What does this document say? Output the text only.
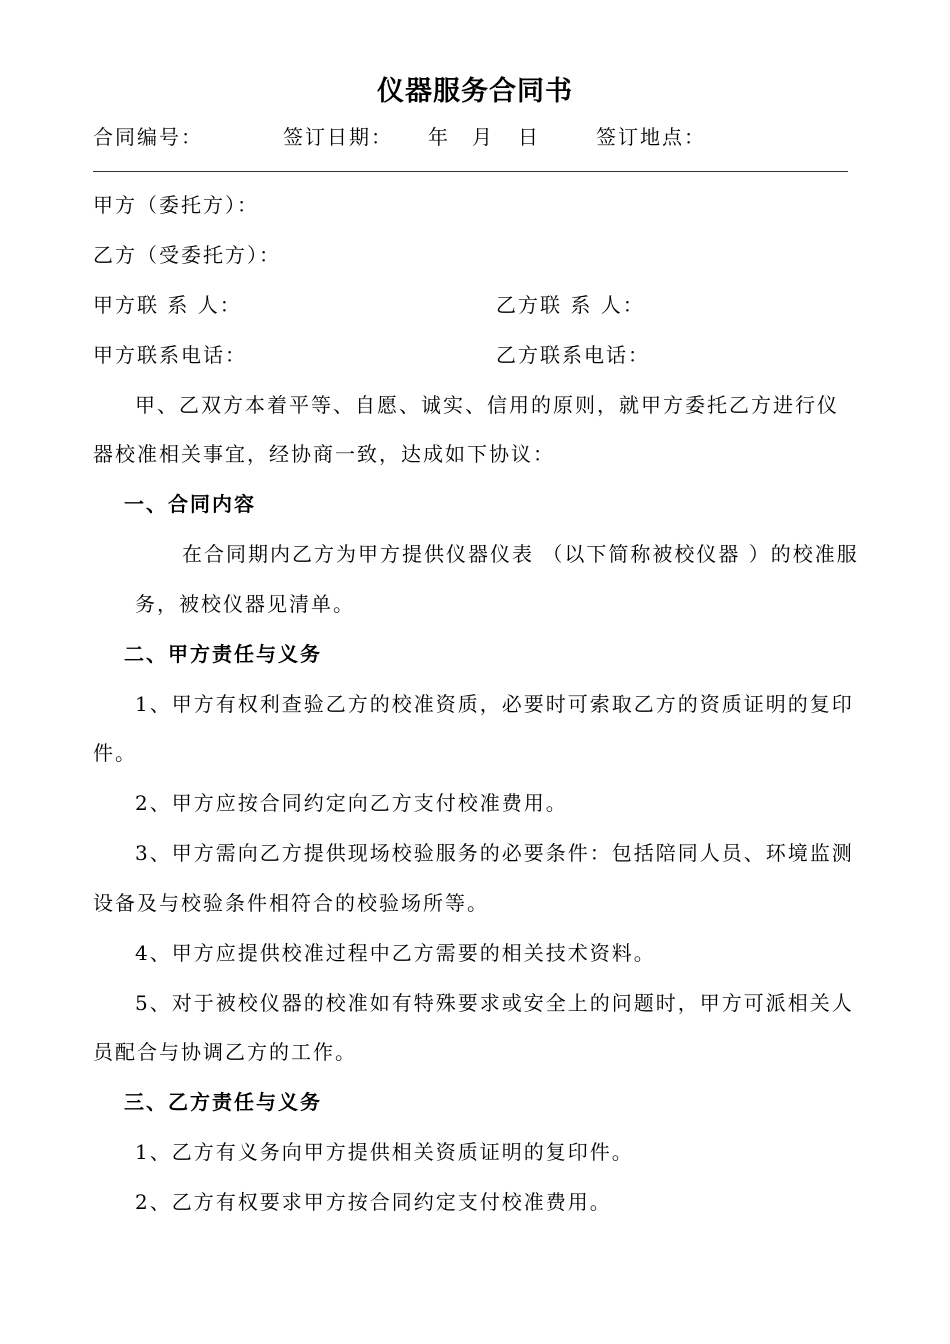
仪器服务合同书
合同编号：	签订日期： 年 月 日	签订地点：
甲方（委托方）：
乙方（受委托方）：
甲方联 系 人：	乙方联 系 人：
甲方联系电话：	乙方联系电话：
甲、乙双方本着平等、自愿、诚实、信用的原则，就甲方委托乙方进行仪
器校准相关事宜，经协商一致，达成如下协议：
一、合同内容
在合同期内乙方为甲方提供仪器仪表 （以下简称被校仪器 ）的校准服
务，被校仪器见清单。
二、甲方责任与义务
1、甲方有权利查验乙方的校准资质，必要时可索取乙方的资质证明的复印
件。
2、甲方应按合同约定向乙方支付校准费用。
3、甲方需向乙方提供现场校验服务的必要条件：包括陪同人员、环境监测
设备及与校验条件相符合的校验场所等。
4、甲方应提供校准过程中乙方需要的相关技术资料。
5、对于被校仪器的校准如有特殊要求或安全上的问题时，甲方可派相关人
员配合与协调乙方的工作。
三、乙方责任与义务
1、乙方有义务向甲方提供相关资质证明的复印件。
2、乙方有权要求甲方按合同约定支付校准费用。
